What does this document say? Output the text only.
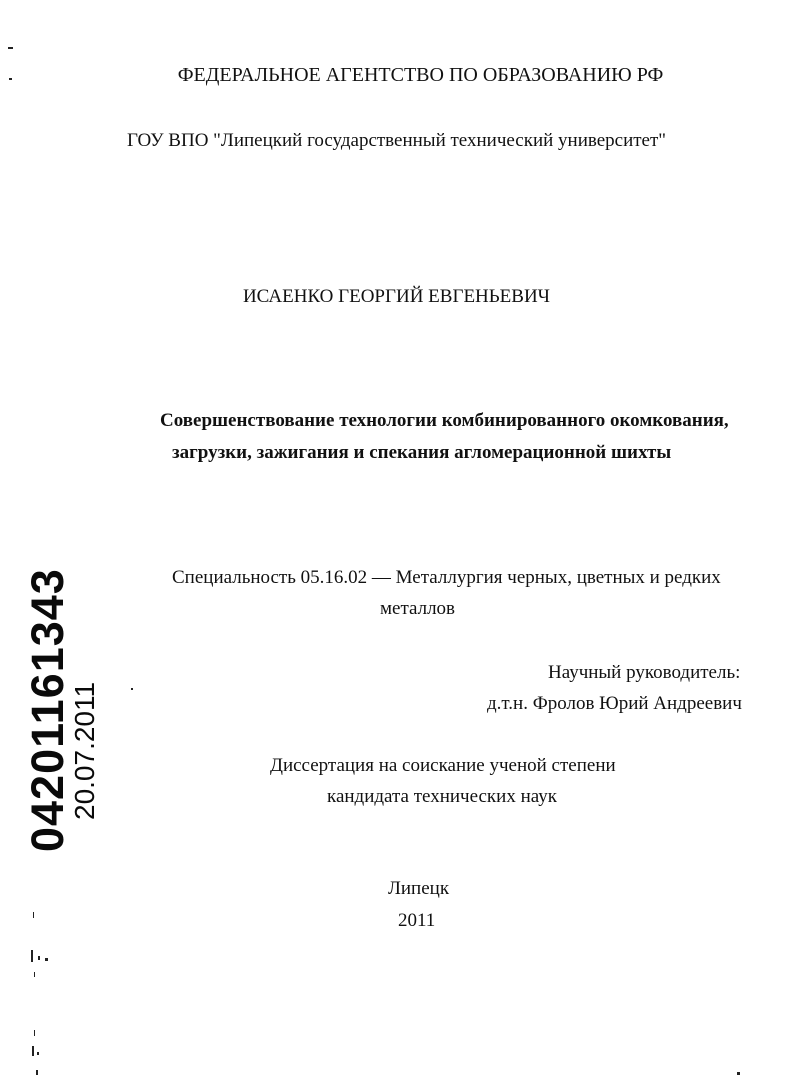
ФЕДЕРАЛЬНОЕ АГЕНТСТВО ПО ОБРАЗОВАНИЮ РФ
ГОУ ВПО "Липецкий государственный технический университет"
ИСАЕНКО ГЕОРГИЙ ЕВГЕНЬЕВИЧ
Совершенствование технологии комбинированного окомкования,
загрузки, зажигания и спекания агломерационной шихты
Специальность 05.16.02 — Металлургия черных, цветных и редких
металлов
Научный руководитель:
д.т.н. Фролов Юрий Андреевич
Диссертация на соискание ученой степени
кандидата технических наук
Липецк
2011
04201161343
20.07.2011
